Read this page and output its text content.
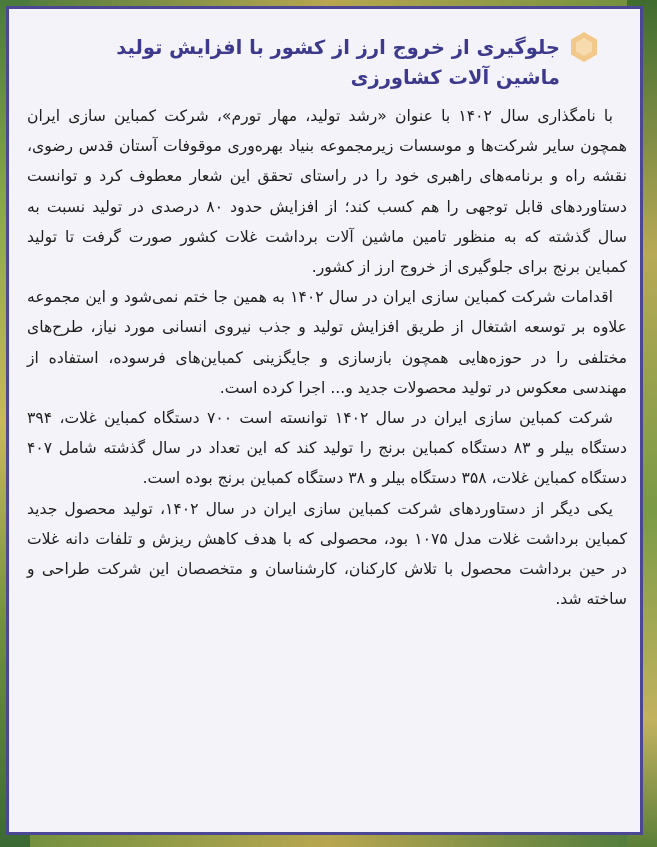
جلوگیری از خروج ارز از کشور با افزایش تولید
ماشین آلات کشاورزی

با نامگذاری سال ۱۴۰۲ با عنوان «رشد تولید، مهار تورم»، شرکت کمباین سازی ایران همچون سایر شرکت‌ها و موسسات زیرمجموعه بنیاد بهره‌وری موقوفات آستان قدس رضوی، نقشه راه و برنامه‌های راهبری خود را در راستای تحقق این شعار معطوف کرد و توانست دستاوردهای قابل توجهی را هم کسب کند؛ از افزایش حدود ۸۰ درصدی در تولید نسبت به سال گذشته که به منظور تامین ماشین آلات برداشت غلات کشور صورت گرفت تا تولید کمباین برنج برای جلوگیری از خروج ارز از کشور.

اقدامات شرکت کمباین سازی ایران در سال ۱۴۰۲ به همین جا ختم نمی‌شود و این مجموعه علاوه بر توسعه اشتغال از طریق افزایش تولید و جذب نیروی انسانی مورد نیاز، طرح‌های مختلفی را در حوزه‌هایی همچون بازسازی و جایگزینی کمباین‌های فرسوده، استفاده از مهندسی معکوس در تولید محصولات جدید و... اجرا کرده است.

شرکت کمباین سازی ایران در سال ۱۴۰۲ توانسته است ۷۰۰ دستگاه کمباین غلات، ۳۹۴ دستگاه بیلر و ۸۳ دستگاه کمباین برنج را تولید کند که این تعداد در سال گذشته شامل ۴۰۷ دستگاه کمباین غلات، ۳۵۸ دستگاه بیلر و ۳۸ دستگاه کمباین برنج بوده است.

یکی دیگر از دستاوردهای شرکت کمباین سازی ایران در سال ۱۴۰۲، تولید محصول جدید کمباین برداشت غلات مدل ۱۰۷۵ بود، محصولی که با هدف کاهش ریزش و تلفات دانه غلات در حین برداشت محصول با تلاش کارکنان، کارشناسان و متخصصان این شرکت طراحی و ساخته شد.
